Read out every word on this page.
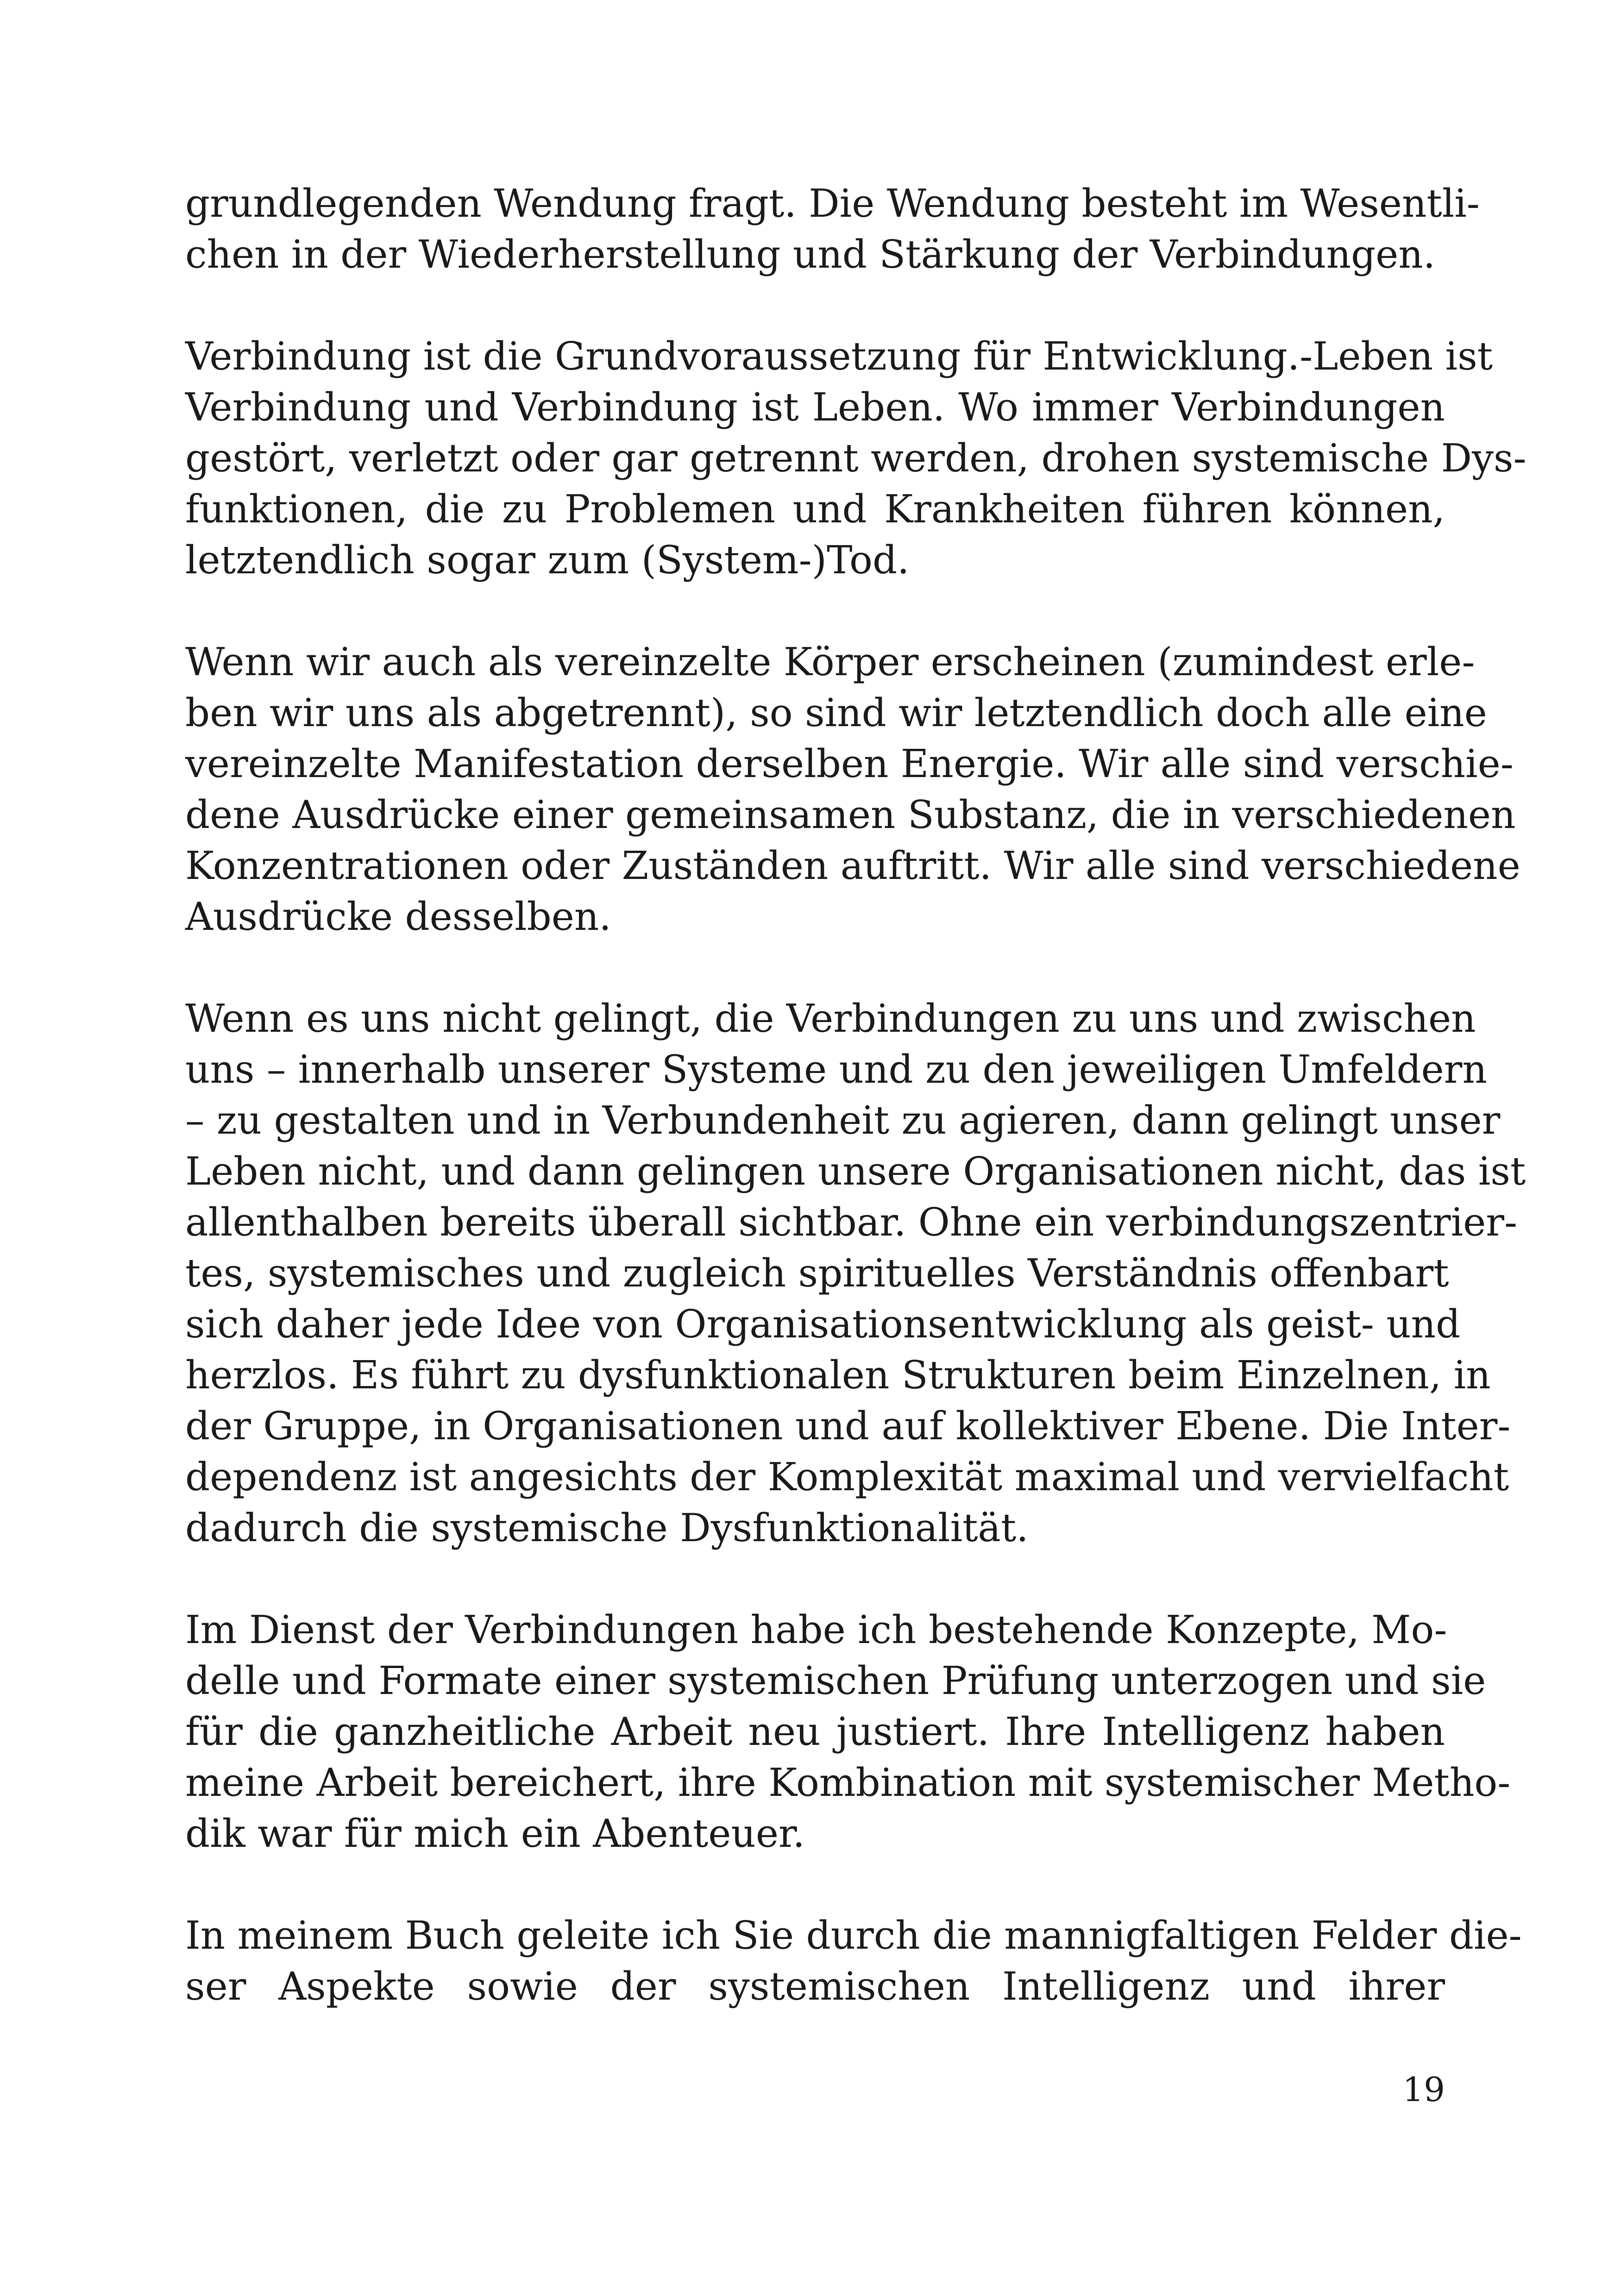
grundlegenden Wendung fragt. Die Wendung besteht im Wesentli-
chen in der Wiederherstellung und Stärkung der Verbindungen.

Verbindung ist die Grundvoraussetzung für Entwicklung.-Leben ist
Verbindung und Verbindung ist Leben. Wo immer Verbindungen
gestört, verletzt oder gar getrennt werden, drohen systemische Dys-
funktionen, die zu Problemen und Krankheiten führen können,
letztendlich sogar zum (System-)Tod.

Wenn wir auch als vereinzelte Körper erscheinen (zumindest erle-
ben wir uns als abgetrennt), so sind wir letztendlich doch alle eine
vereinzelte Manifestation derselben Energie. Wir alle sind verschie-
dene Ausdrücke einer gemeinsamen Substanz, die in verschiedenen
Konzentrationen oder Zuständen auftritt. Wir alle sind verschiedene
Ausdrücke desselben.

Wenn es uns nicht gelingt, die Verbindungen zu uns und zwischen
uns – innerhalb unserer Systeme und zu den jeweiligen Umfeldern
– zu gestalten und in Verbundenheit zu agieren, dann gelingt unser
Leben nicht, und dann gelingen unsere Organisationen nicht, das ist
allenthalben bereits überall sichtbar. Ohne ein verbindungszentrier-
tes, systemisches und zugleich spirituelles Verständnis offenbart
sich daher jede Idee von Organisationsentwicklung als geist- und
herzlos. Es führt zu dysfunktionalen Strukturen beim Einzelnen, in
der Gruppe, in Organisationen und auf kollektiver Ebene. Die Inter-
dependenz ist angesichts der Komplexität maximal und vervielfacht
dadurch die systemische Dysfunktionalität.

Im Dienst der Verbindungen habe ich bestehende Konzepte, Mo-
delle und Formate einer systemischen Prüfung unterzogen und sie
für die ganzheitliche Arbeit neu justiert. Ihre Intelligenz haben
meine Arbeit bereichert, ihre Kombination mit systemischer Metho-
dik war für mich ein Abenteuer.

In meinem Buch geleite ich Sie durch die mannigfaltigen Felder die-
ser Aspekte sowie der systemischen Intelligenz und ihrer

19
